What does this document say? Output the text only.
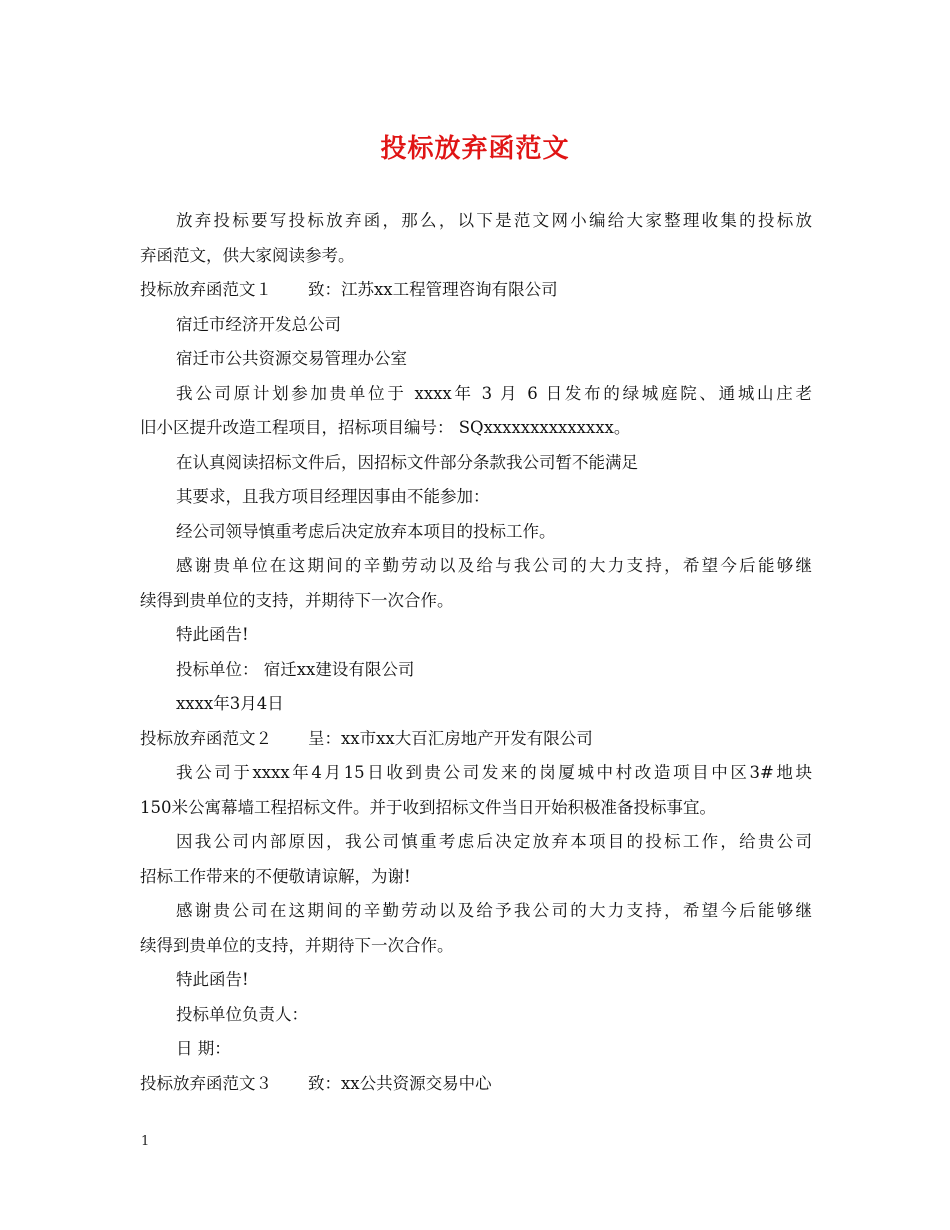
投标放弃函范文
放弃投标要写投标放弃函，那么，以下是范文网小编给大家整理收集的投标放
弃函范文，供大家阅读参考。
投标放弃函范文１ 致：江苏xx工程管理咨询有限公司
宿迁市经济开发总公司
宿迁市公共资源交易管理办公室
我公司原计划参加贵单位于 xxxx年 3 月 6 日发布的绿城庭院、通城山庄老
旧小区提升改造工程项目，招标项目编号： SQxxxxxxxxxxxxxx。
在认真阅读招标文件后，因招标文件部分条款我公司暂不能满足
其要求，且我方项目经理因事由不能参加：
经公司领导慎重考虑后决定放弃本项目的投标工作。
感谢贵单位在这期间的辛勤劳动以及给与我公司的大力支持，希望今后能够继
续得到贵单位的支持，并期待下一次合作。
特此函告!
投标单位： 宿迁xx建设有限公司
xxxx年3月4日
投标放弃函范文２ 呈：xx市xx大百汇房地产开发有限公司
我公司于xxxx年4月15日收到贵公司发来的岗厦城中村改造项目中区3#地块
150米公寓幕墙工程招标文件。并于收到招标文件当日开始积极准备投标事宜。
因我公司内部原因，我公司慎重考虑后决定放弃本项目的投标工作，给贵公司
招标工作带来的不便敬请谅解，为谢!
感谢贵公司在这期间的辛勤劳动以及给予我公司的大力支持，希望今后能够继
续得到贵单位的支持，并期待下一次合作。
特此函告!
投标单位负责人：
日 期：
投标放弃函范文３ 致：xx公共资源交易中心
1
